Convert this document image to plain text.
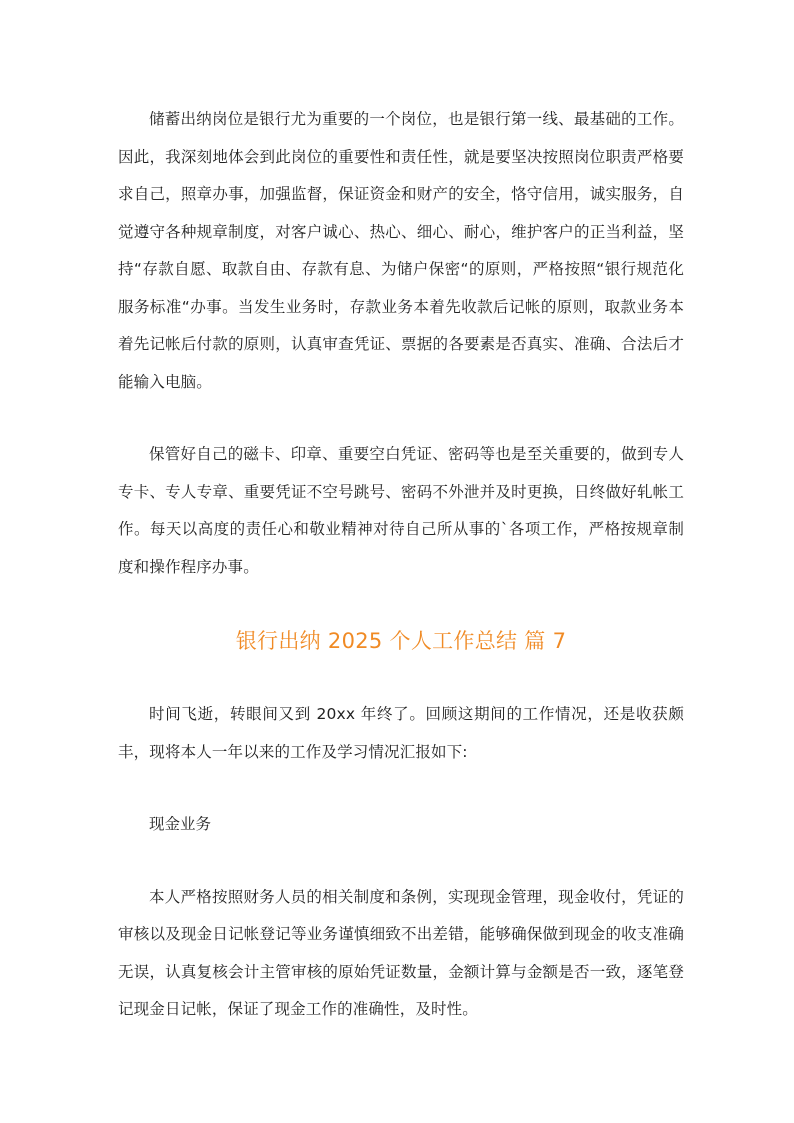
储蓄出纳岗位是银行尤为重要的一个岗位，也是银行第一线、最基础的工作。因此，我深刻地体会到此岗位的重要性和责任性，就是要坚决按照岗位职责严格要求自己，照章办事，加强监督，保证资金和财产的安全，恪守信用，诚实服务，自觉遵守各种规章制度，对客户诚心、热心、细心、耐心，维护客户的正当利益，坚持“存款自愿、取款自由、存款有息、为储户保密“的原则，严格按照“银行规范化服务标准“办事。当发生业务时，存款业务本着先收款后记帐的原则，取款业务本着先记帐后付款的原则，认真审查凭证、票据的各要素是否真实、准确、合法后才能输入电脑。

保管好自己的磁卡、印章、重要空白凭证、密码等也是至关重要的，做到专人专卡、专人专章、重要凭证不空号跳号、密码不外泄并及时更换，日终做好轧帐工作。每天以高度的责任心和敬业精神对待自己所从事的`各项工作，严格按规章制度和操作程序办事。

银行出纳 2025 个人工作总结 篇 7

时间飞逝，转眼间又到 20xx 年终了。回顾这期间的工作情况，还是收获颇丰，现将本人一年以来的工作及学习情况汇报如下:

现金业务

本人严格按照财务人员的相关制度和条例，实现现金管理，现金收付，凭证的审核以及现金日记帐登记等业务谨慎细致不出差错，能够确保做到现金的收支准确无误，认真复核会计主管审核的原始凭证数量，金额计算与金额是否一致，逐笔登记现金日记帐，保证了现金工作的准确性，及时性。
